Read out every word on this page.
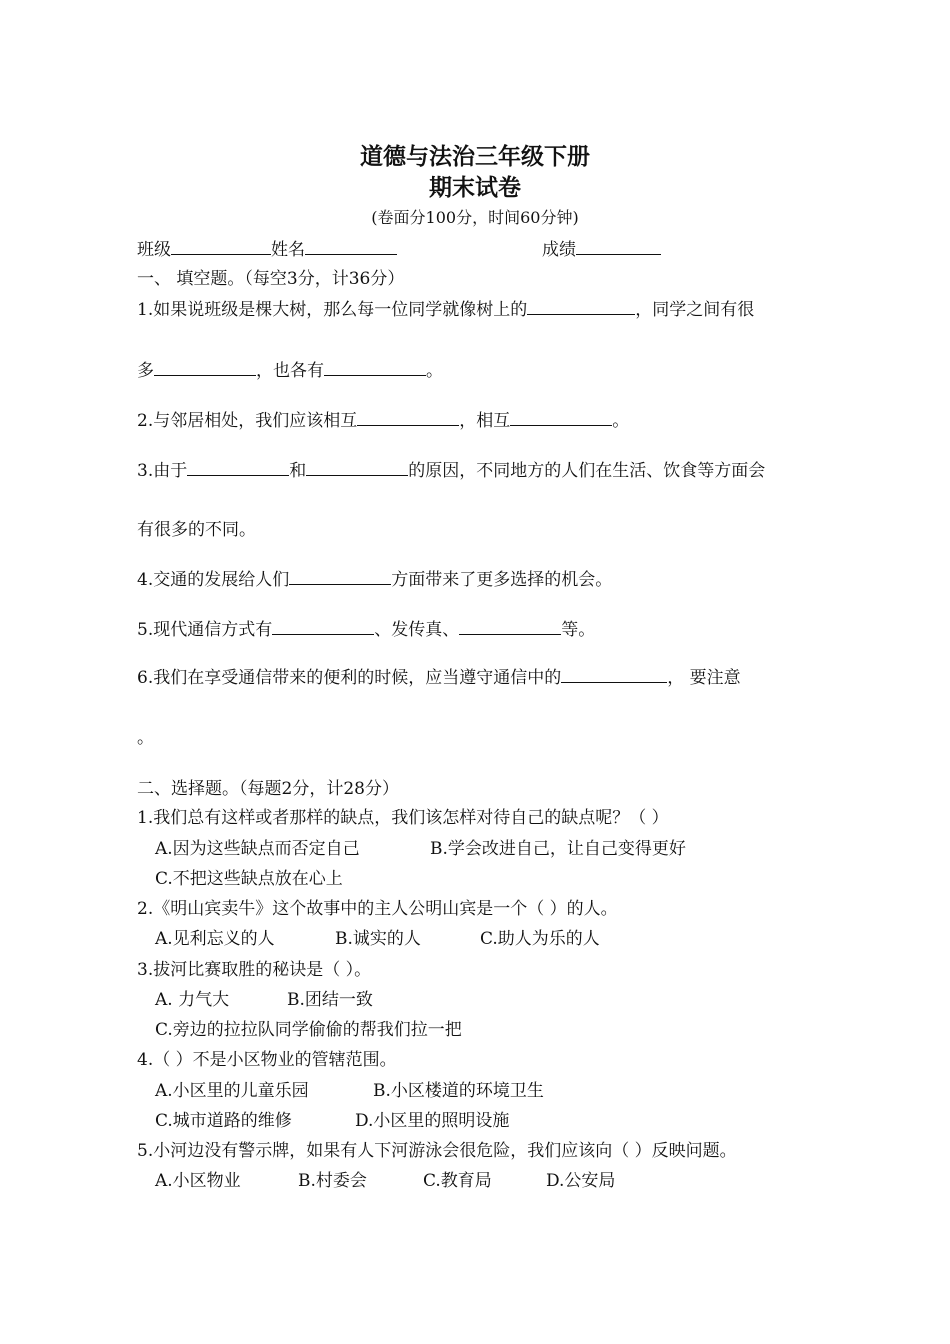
道德与法治三年级下册
期末试卷
(卷面分100分，时间60分钟)
班级	姓名	成绩
一、 填空题。（每空3分，计36分）
1.如果说班级是棵大树，那么每一位同学就像树上的	，同学之间有很
多	，也各有	。
2.与邻居相处，我们应该相互	，相互	。
3.由于	和	的原因，不同地方的人们在生活、饮食等方面会
有很多的不同。
4.交通的发展给人们	方面带来了更多选择的机会。
5.现代通信方式有	、发传真、	等。
6.我们在享受通信带来的便利的时候，应当遵守通信中的	， 要注意
。
二、选择题。（每题2分，计28分）
1.我们总有这样或者那样的缺点，我们该怎样对待自己的缺点呢？（ ）
A.因为这些缺点而否定自己	B.学会改进自己，让自己变得更好
C.不把这些缺点放在心上
2.《明山宾卖牛》这个故事中的主人公明山宾是一个（ ）的人。
A.见利忘义的人	B.诚实的人	C.助人为乐的人
3.拔河比赛取胜的秘诀是（ ）。
A. 力气大	B.团结一致
C.旁边的拉拉队同学偷偷的帮我们拉一把
4.（ ）不是小区物业的管辖范围。
A.小区里的儿童乐园	B.小区楼道的环境卫生
C.城市道路的维修	D.小区里的照明设施
5.小河边没有警示牌，如果有人下河游泳会很危险，我们应该向（ ）反映问题。
A.小区物业	B.村委会	C.教育局	D.公安局
